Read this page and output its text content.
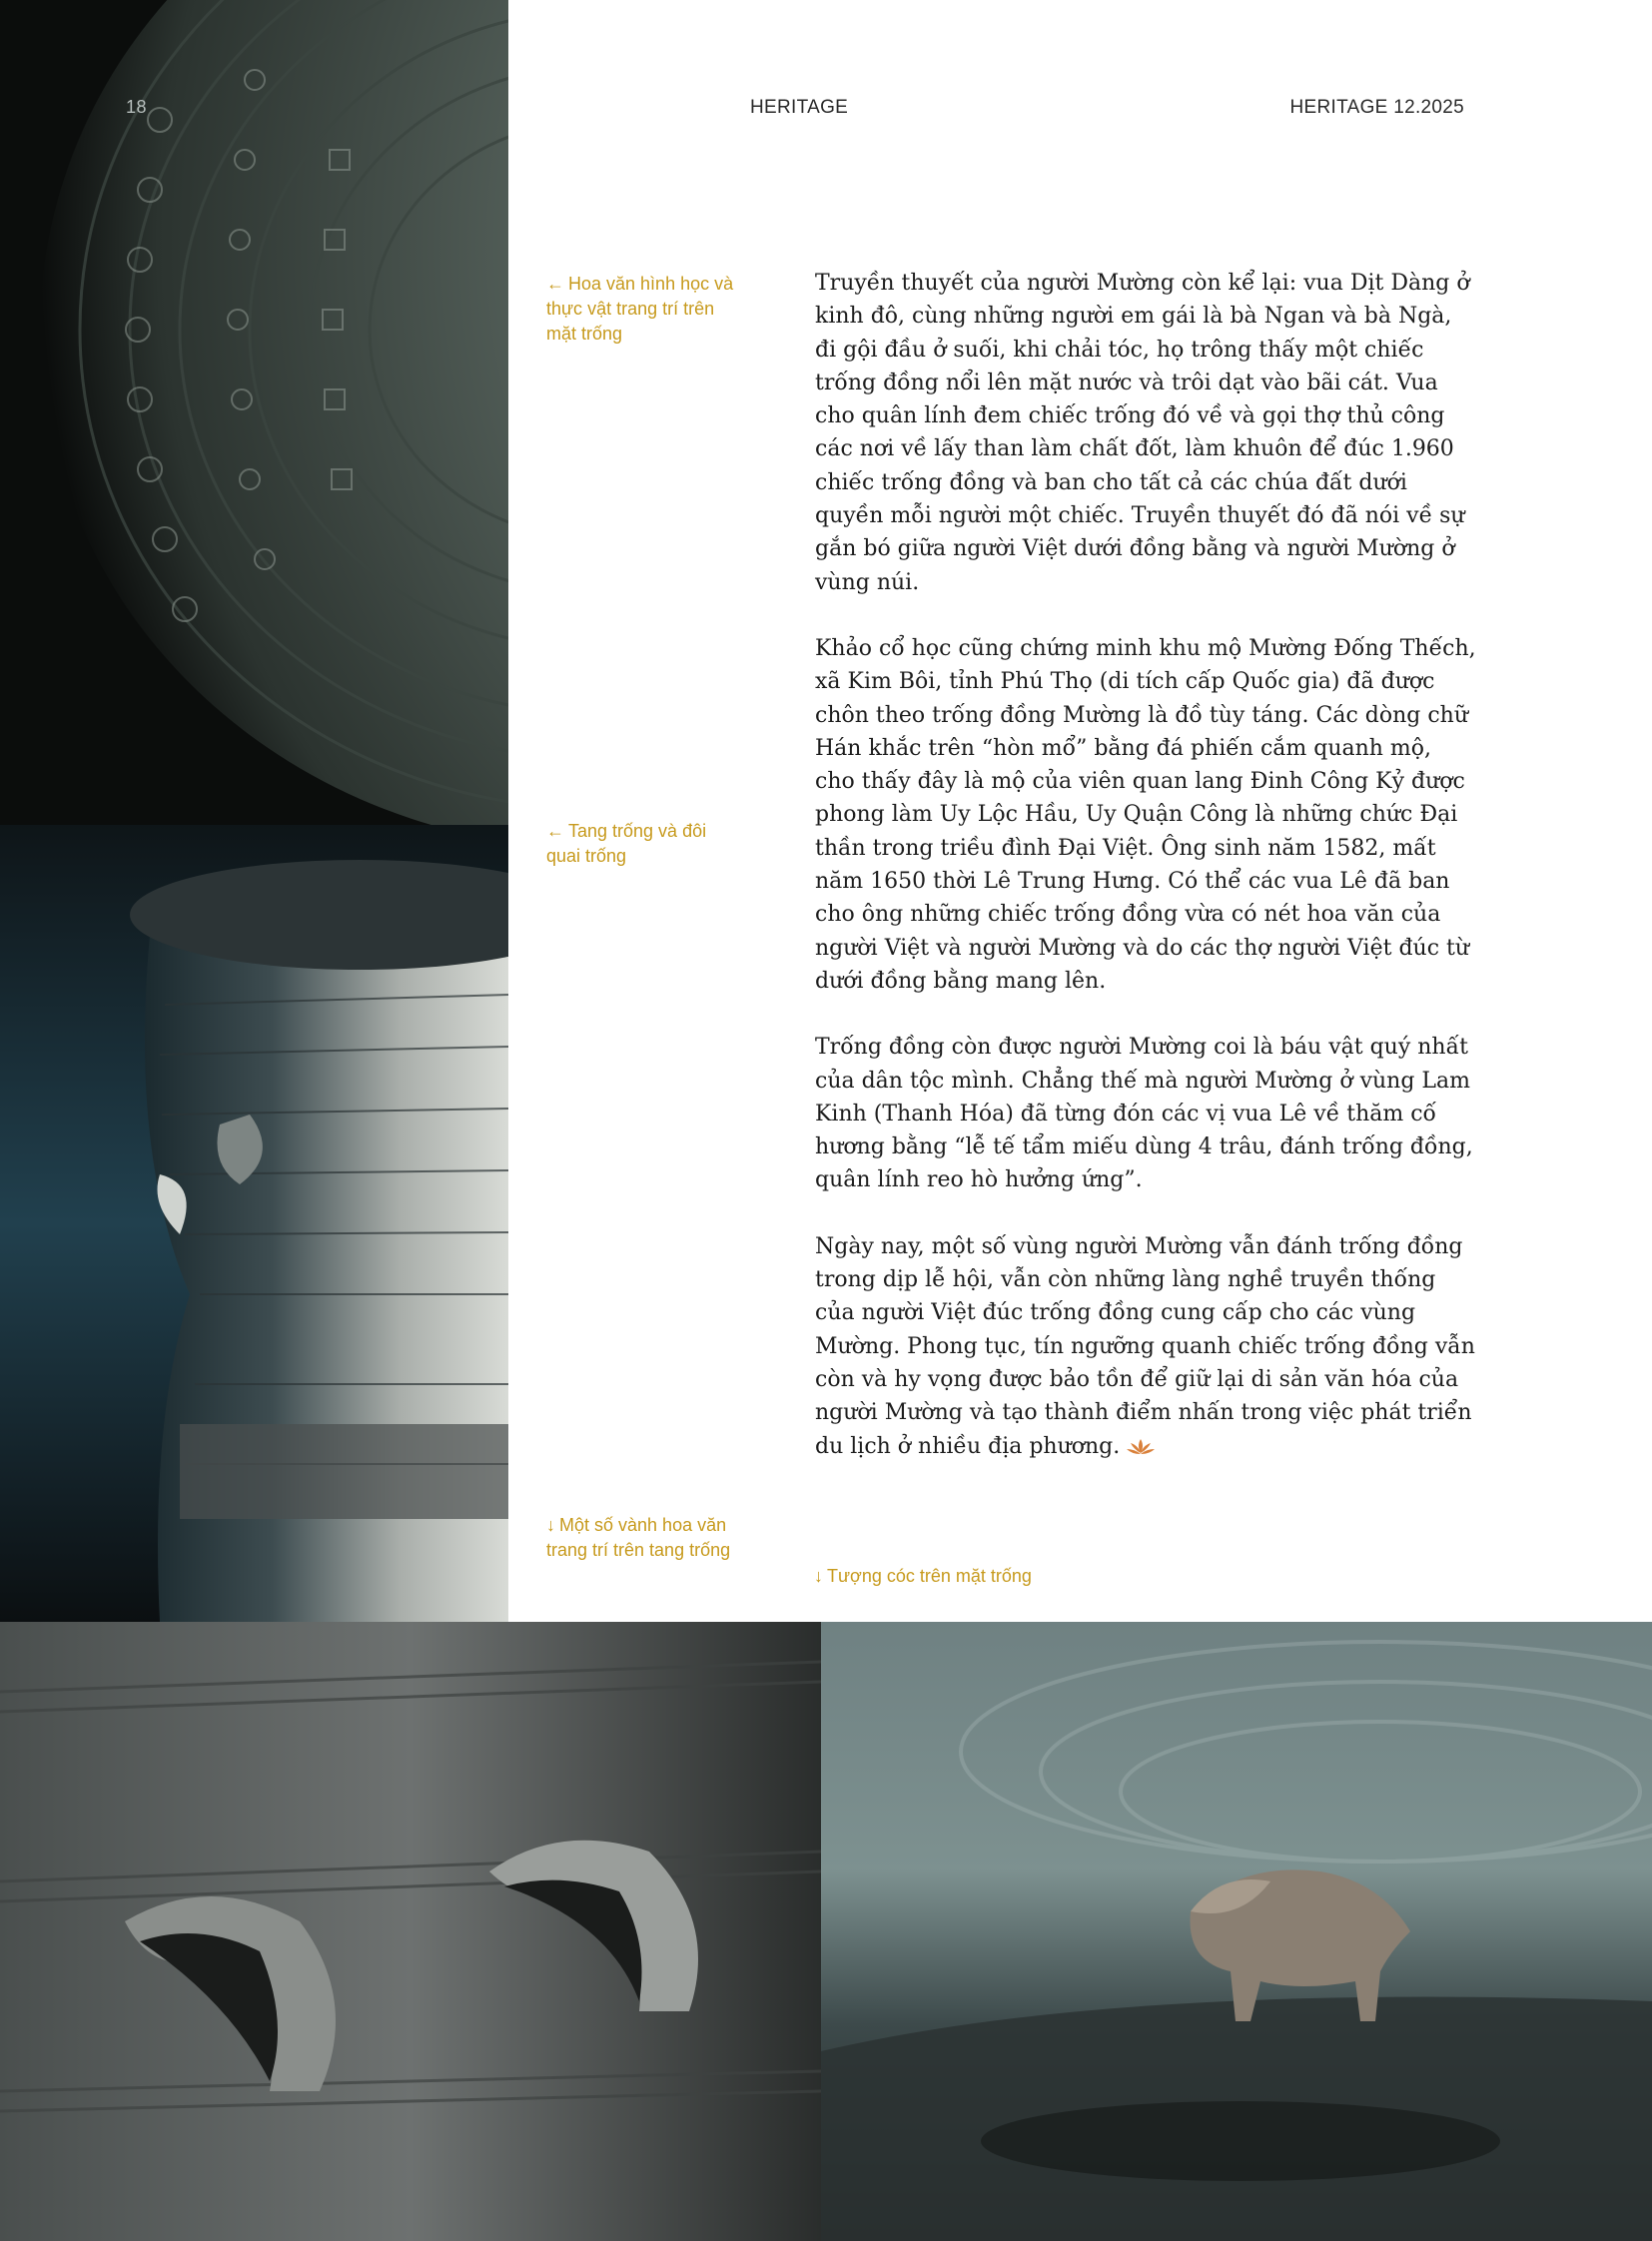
18	HERITAGE	HERITAGE 12.2025
← Hoa văn hình học và thực vật trang trí trên mặt trống
← Tang trống và đôi quai trống
↓ Một số vành hoa văn trang trí trên tang trống
↓ Tượng cóc trên mặt trống

Truyền thuyết của người Mường còn kể lại: vua Dịt Dàng ở kinh đô, cùng những người em gái là bà Ngan và bà Ngà, đi gội đầu ở suối, khi chải tóc, họ trông thấy một chiếc trống đồng nổi lên mặt nước và trôi dạt vào bãi cát. Vua cho quân lính đem chiếc trống đó về và gọi thợ thủ công các nơi về lấy than làm chất đốt, làm khuôn để đúc 1.960 chiếc trống đồng và ban cho tất cả các chúa đất dưới quyền mỗi người một chiếc. Truyền thuyết đó đã nói về sự gắn bó giữa người Việt dưới đồng bằng và người Mường ở vùng núi.

Khảo cổ học cũng chứng minh khu mộ Mường Đống Thếch, xã Kim Bôi, tỉnh Phú Thọ (di tích cấp Quốc gia) đã được chôn theo trống đồng Mường là đồ tùy táng. Các dòng chữ Hán khắc trên “hòn mổ” bằng đá phiến cắm quanh mộ, cho thấy đây là mộ của viên quan lang Đinh Công Kỷ được phong làm Uy Lộc Hầu, Uy Quận Công là những chức Đại thần trong triều đình Đại Việt. Ông sinh năm 1582, mất năm 1650 thời Lê Trung Hưng. Có thể các vua Lê đã ban cho ông những chiếc trống đồng vừa có nét hoa văn của người Việt và người Mường và do các thợ người Việt đúc từ dưới đồng bằng mang lên.

Trống đồng còn được người Mường coi là báu vật quý nhất của dân tộc mình. Chẳng thế mà người Mường ở vùng Lam Kinh (Thanh Hóa) đã từng đón các vị vua Lê về thăm cố hương bằng “lễ tế tẩm miếu dùng 4 trâu, đánh trống đồng, quân lính reo hò hưởng ứng”.

Ngày nay, một số vùng người Mường vẫn đánh trống đồng trong dịp lễ hội, vẫn còn những làng nghề truyền thống của người Việt đúc trống đồng cung cấp cho các vùng Mường. Phong tục, tín ngưỡng quanh chiếc trống đồng vẫn còn và hy vọng được bảo tồn để giữ lại di sản văn hóa của người Mường và tạo thành điểm nhấn trong việc phát triển du lịch ở nhiều địa phương.
